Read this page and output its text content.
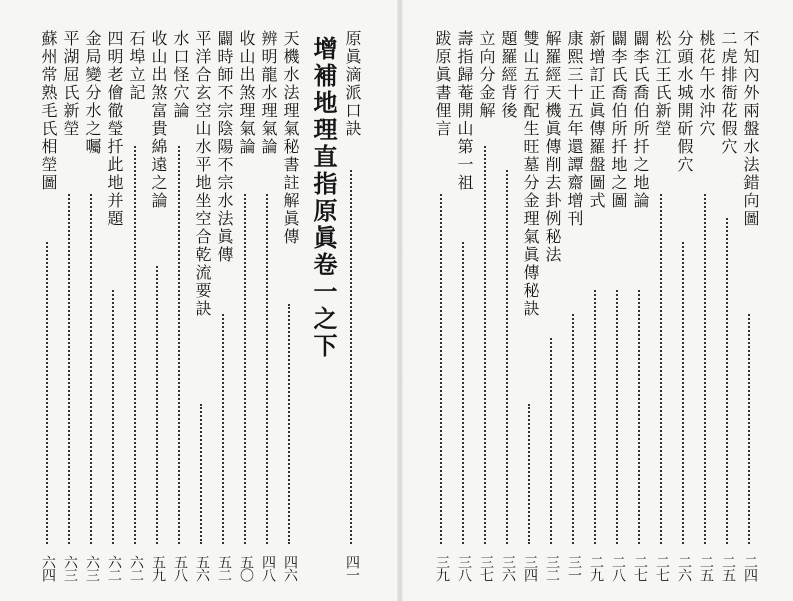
原眞滴派口訣
四一
增補地理直指原眞卷一之下
天機水法理氣秘書註解眞傳
四六
辨明龍水理氣論
四八
收山出煞理氣論
五〇
闢時師不宗陰陽不宗水法眞傳
五二
平洋合玄空山水平地坐空合乾流要訣
五六
水口怪穴論
五八
收山出煞富貴綿遠之論
五九
石埠立記
六二
四明老儈徹瑩扦此地并題
六二
金局變分水之囑
六三
平湖屈氏新塋
六三
蘇州常熟毛氏相塋圖
六四
不知內外兩盤水法錯向圖
二四
二虎排衙花假穴
二五
桃花午水沖穴
二五
分頭水城開斫假穴
二六
松江王氏新塋
二七
闢李氏喬伯所扦之地論
二七
闢李氏喬伯所扦地之圖
二八
新增訂正眞傳羅盤圖式
二九
康熙三十五年還譚齋增刊
三一
解羅經天機眞傳削去卦例秘法
三二
雙山五行配生旺墓分金理氣眞傳秘訣
三四
題羅經背後
三六
立向分金解
三七
壽指歸菴開山第一祖
三八
跋原眞書俚言
三九
